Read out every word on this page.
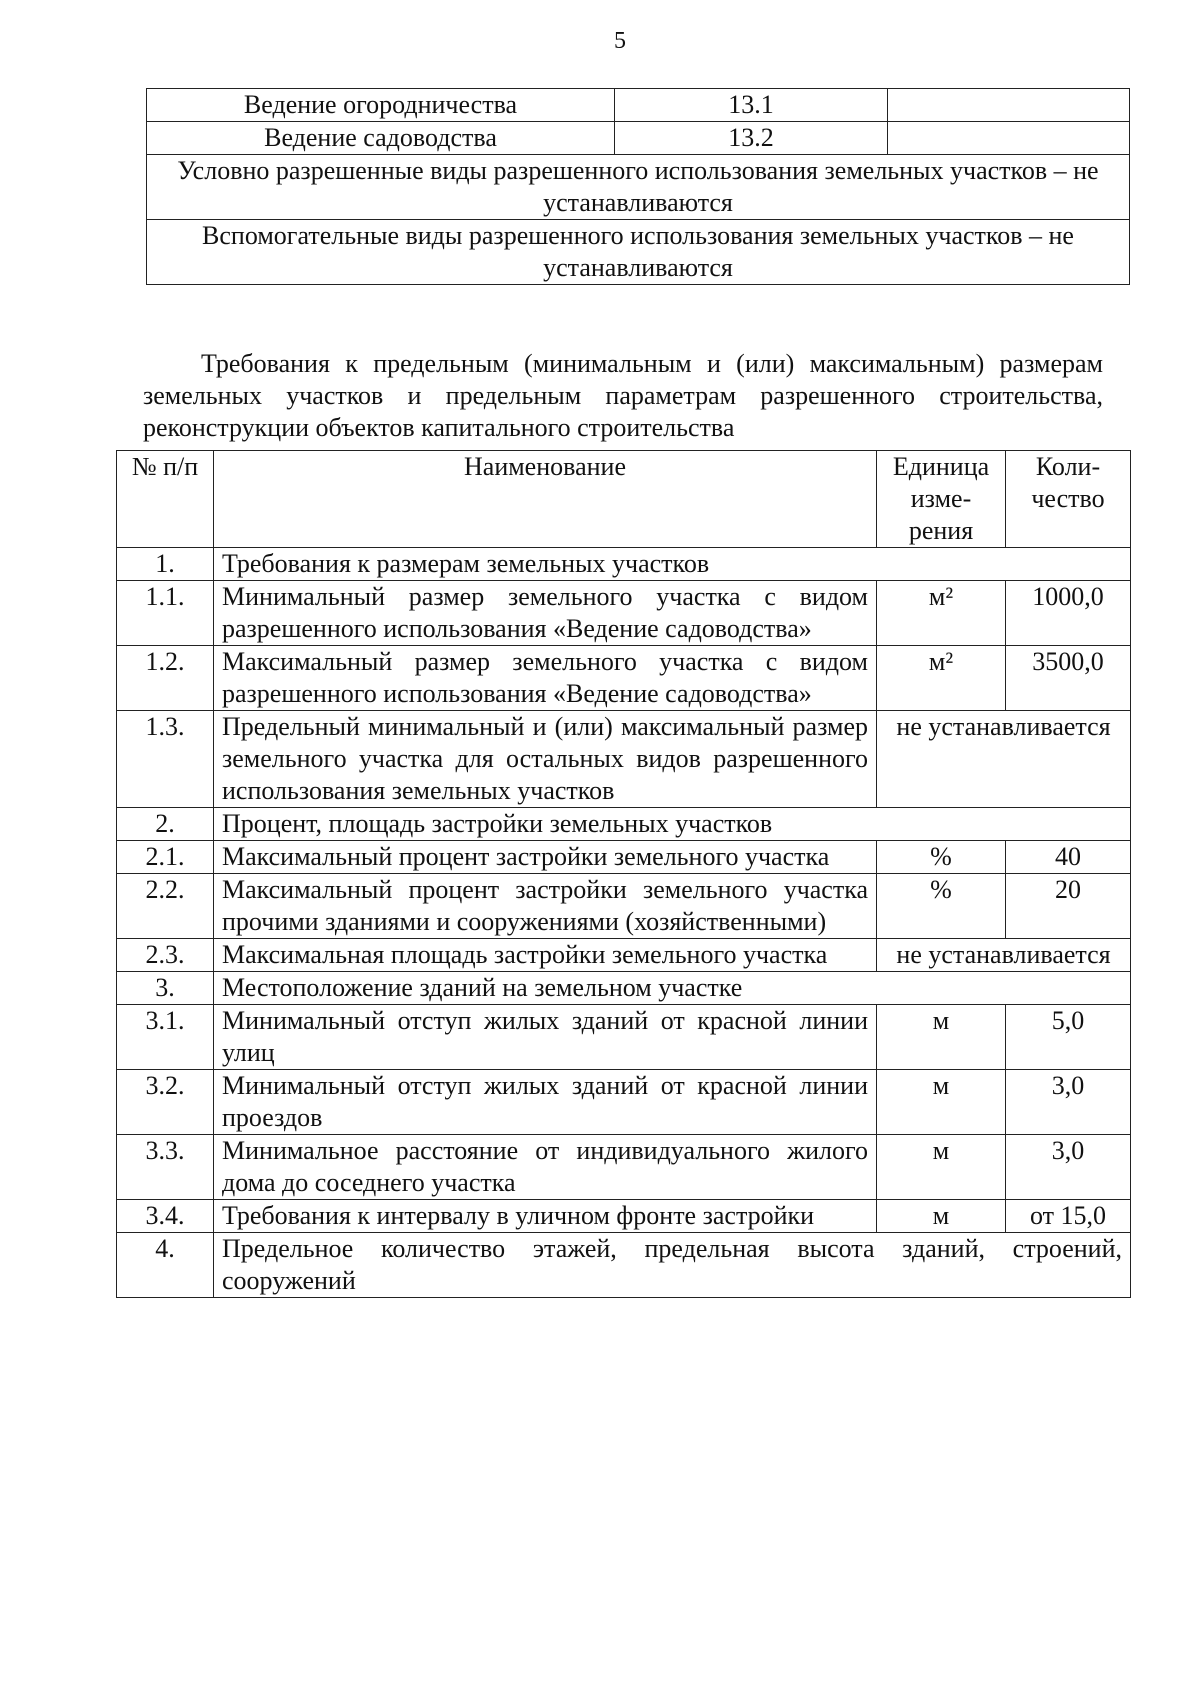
5
Ведение огородничества	13.1	
Ведение садоводства	13.2	
Условно разрешенные виды разрешенного использования земельных участков – не устанавливаются		
Вспомогательные виды разрешенного использования земельных участков – не устанавливаются		

Требования к предельным (минимальным и (или) максимальным) размерам земельных участков и предельным параметрам разрешенного строительства, реконструкции объектов капитального строительства

№ п/п	Наименование	Единица изме-рения	Коли-чество
1.	Требования к размерам земельных участков		
1.1.	Минимальный размер земельного участка с видом разрешенного использования «Ведение садоводства»	м²	1000,0
1.2.	Максимальный размер земельного участка с видом разрешенного использования «Ведение садоводства»	м²	3500,0
1.3.	Предельный минимальный и (или) максимальный размер земельного участка для остальных видов разрешенного использования земельных участков	не устанавливается	
2.	Процент, площадь застройки земельных участков		
2.1.	Максимальный процент застройки земельного участка	%	40
2.2.	Максимальный процент застройки земельного участка прочими зданиями и сооружениями (хозяйственными)	%	20
2.3.	Максимальная площадь застройки земельного участка	не устанавливается	
3.	Местоположение зданий на земельном участке		
3.1.	Минимальный отступ жилых зданий от красной линии улиц	м	5,0
3.2.	Минимальный отступ жилых зданий от красной линии проездов	м	3,0
3.3.	Минимальное расстояние от индивидуального жилого дома до соседнего участка	м	3,0
3.4.	Требования к интервалу в уличном фронте застройки	м	от 15,0
4.	Предельное количество этажей, предельная высота зданий, строений, сооружений		
